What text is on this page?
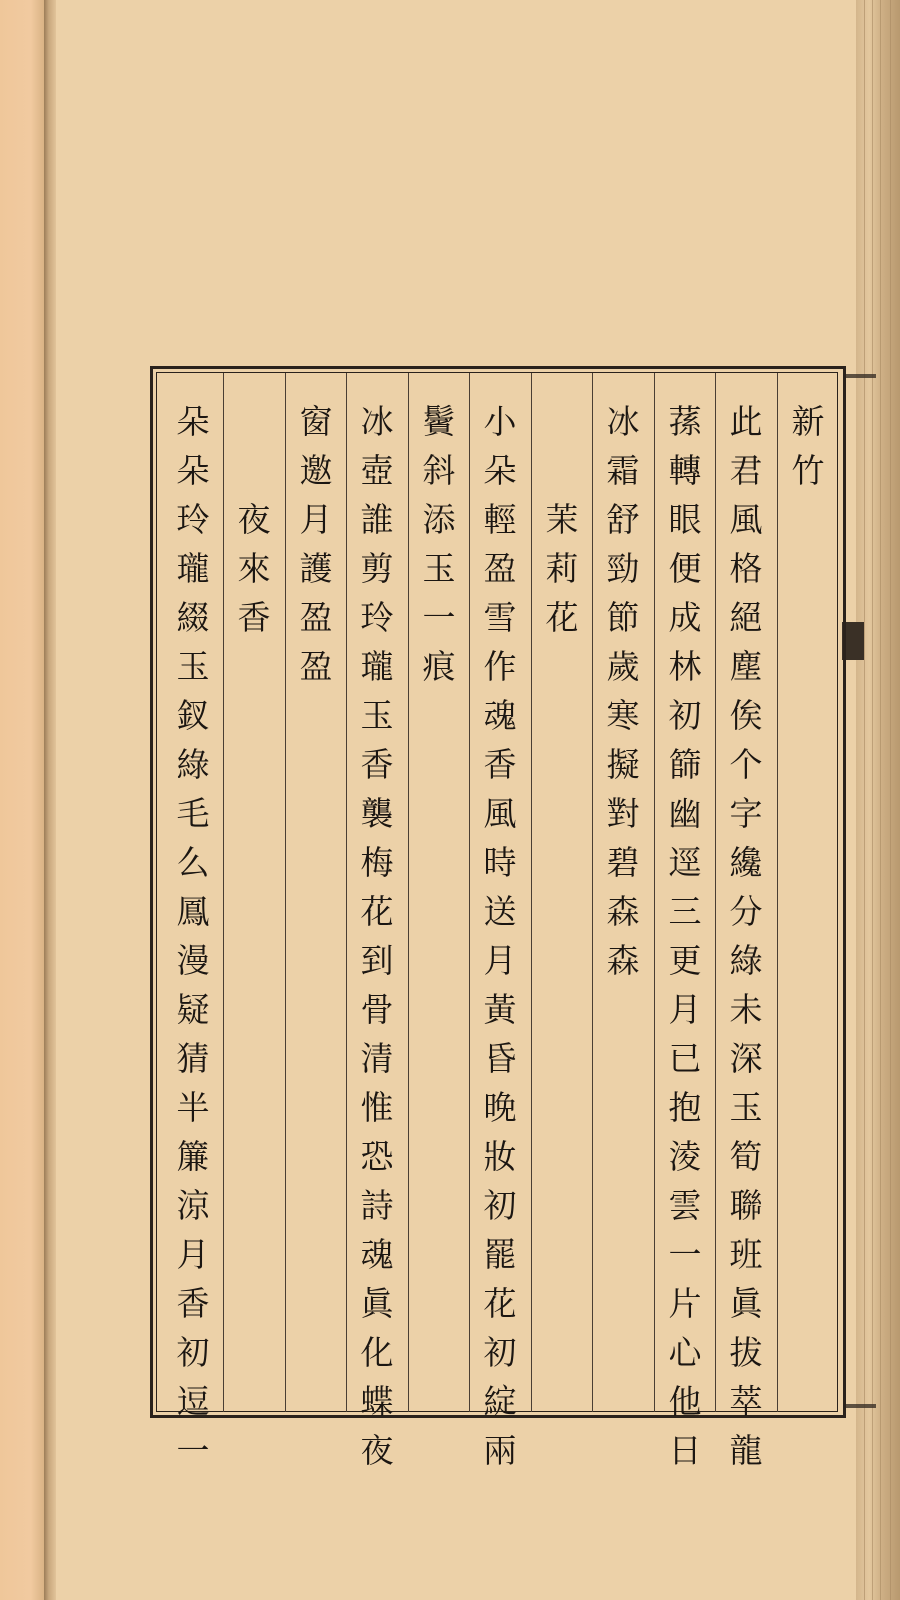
新
竹
此
君
風
格
絕
塵
俟
个
字
纔
分
綠
未
深
玉
筍
聯
班
眞
拔
萃
龍
蓀
轉
眼
便
成
林
初
篩
幽
逕
三
更
月
已
抱
淩
雲
一
片
心
他
日
冰
霜
舒
勁
節
歲
寒
擬
對
碧
森
森
茉
莉
花
小
朵
輕
盈
雪
作
魂
香
風
時
送
月
黃
昏
晚
妝
初
罷
花
初
綻
兩
鬢
斜
添
玉
一
痕
冰
壺
誰
剪
玲
瓏
玉
香
襲
梅
花
到
骨
清
惟
恐
詩
魂
眞
化
蝶
夜
窗
邀
月
護
盈
盈
夜
來
香
朵
朵
玲
瓏
綴
玉
釵
綠
毛
么
鳳
漫
疑
猜
半
簾
涼
月
香
初
逗
一
